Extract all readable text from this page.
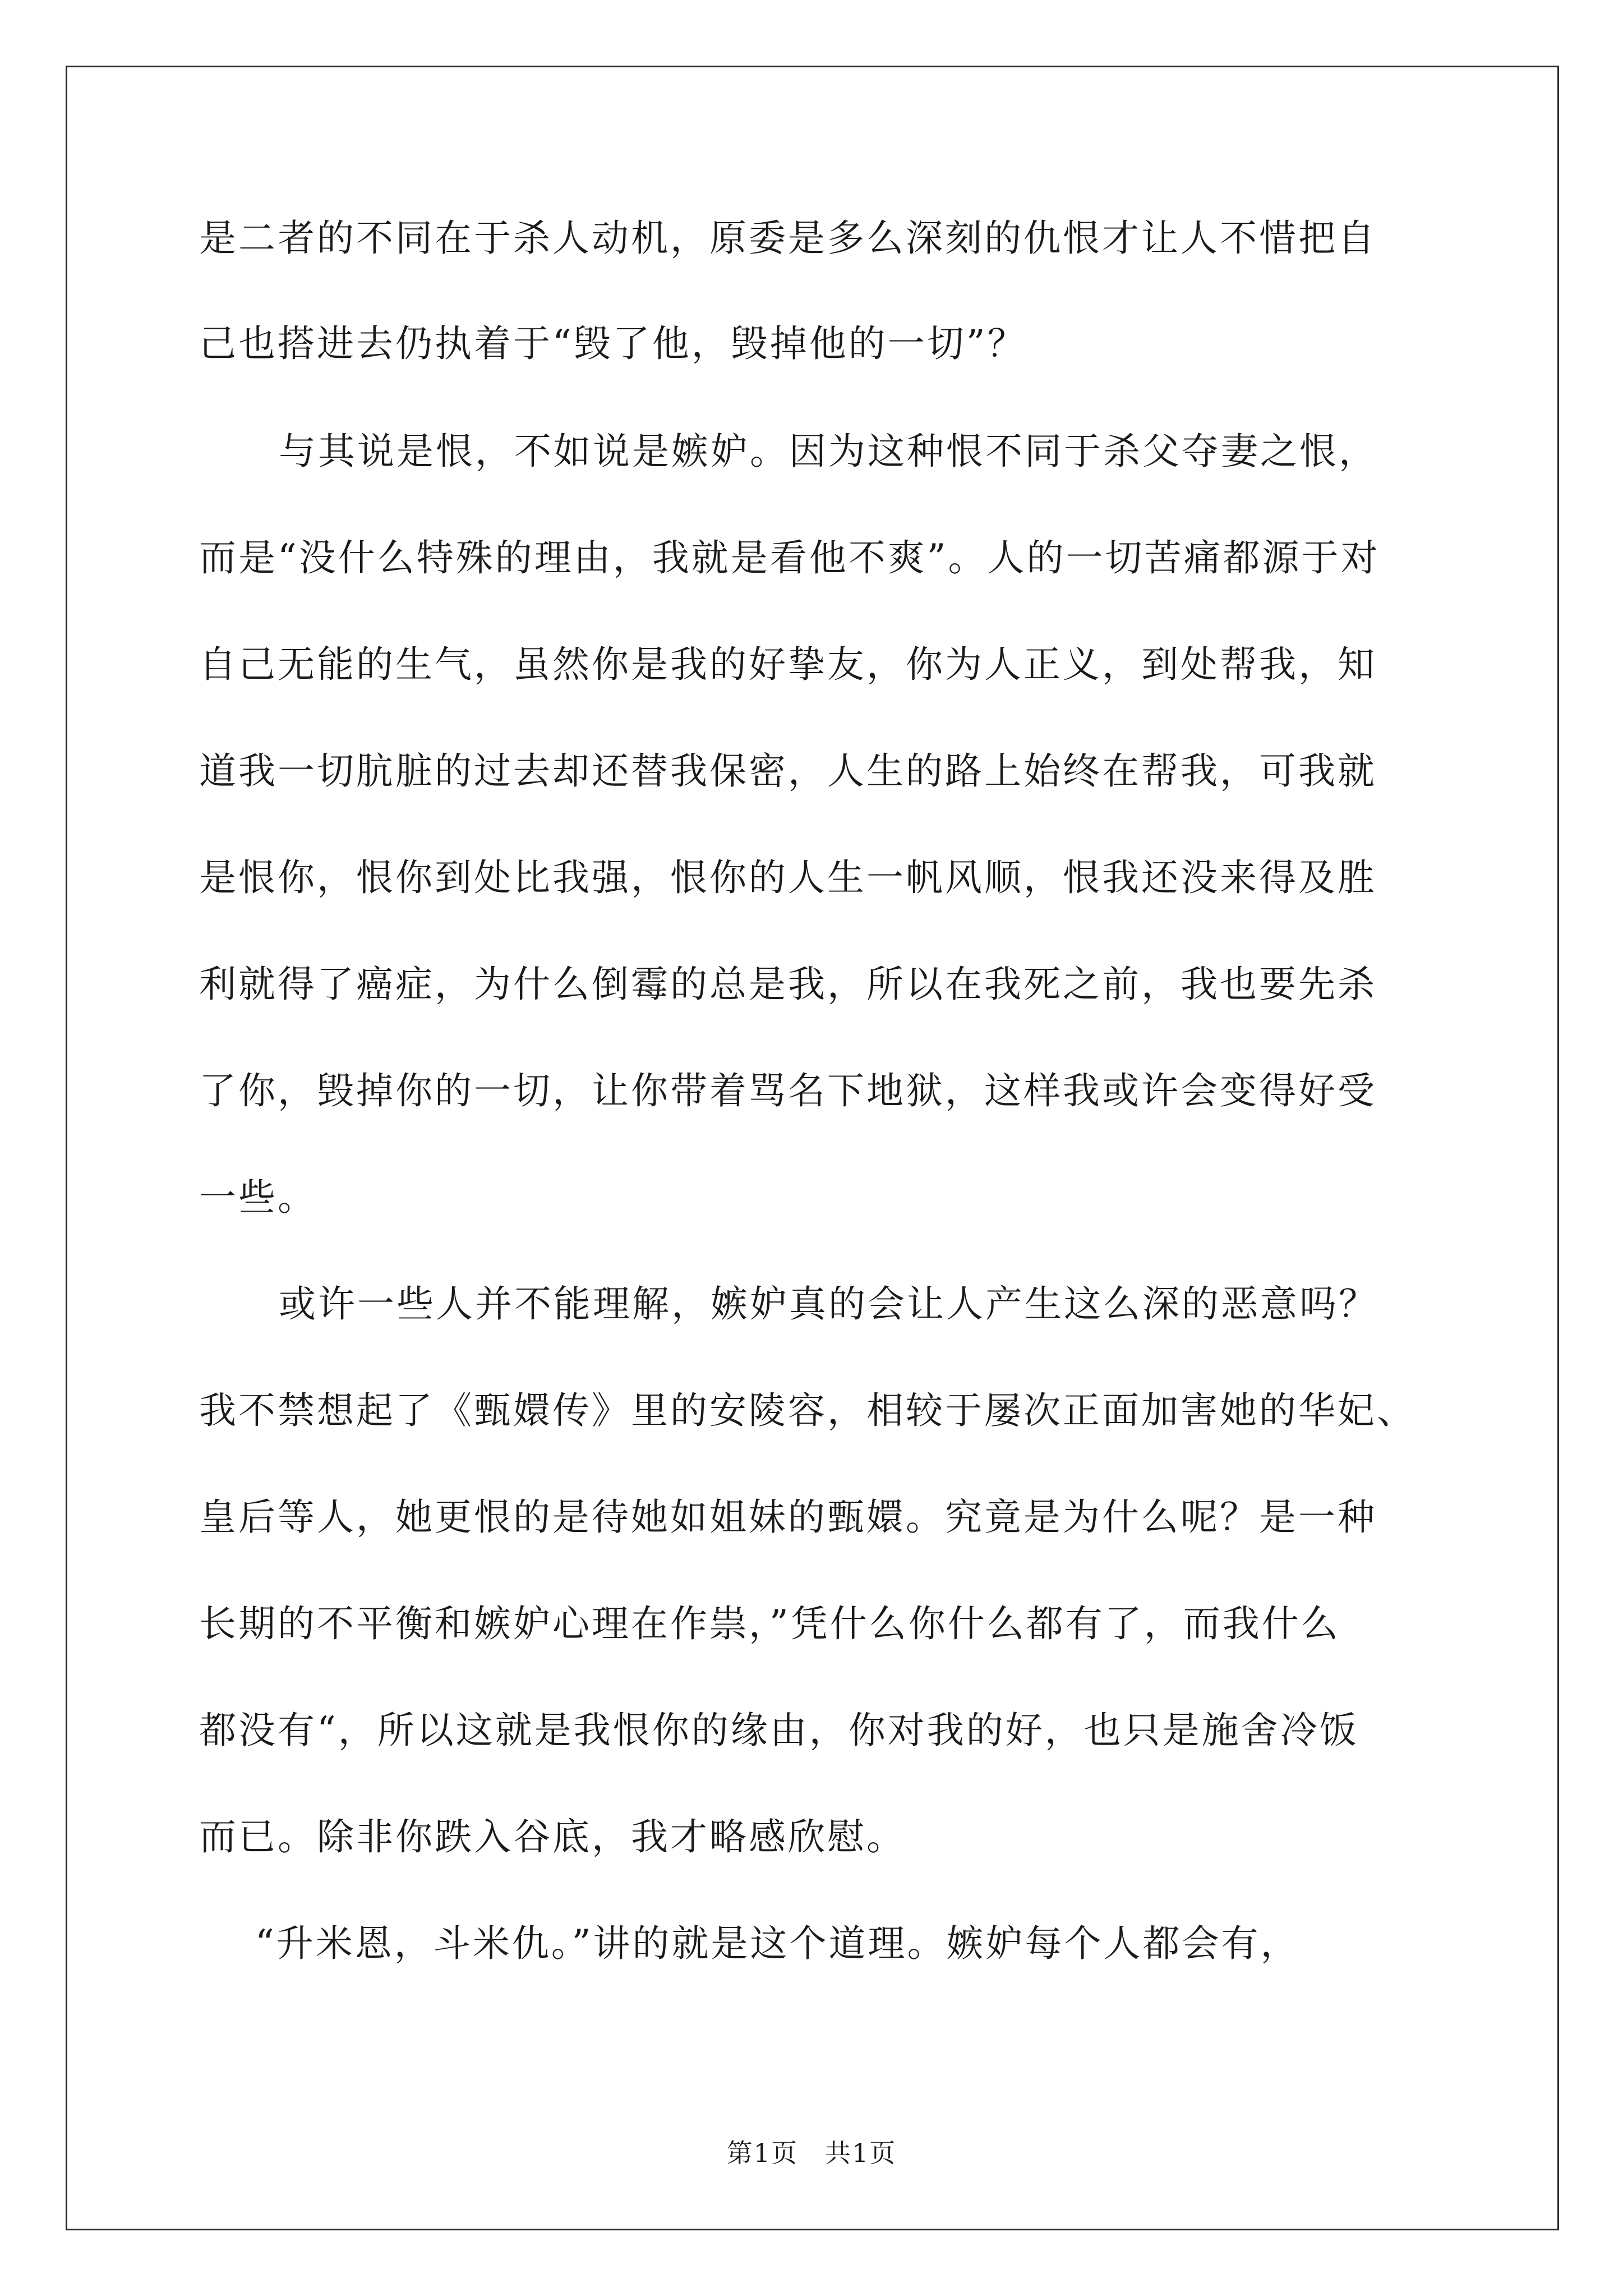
是二者的不同在于杀人动机，原委是多么深刻的仇恨才让人不惜把自
己也搭进去仍执着于“毁了他，毁掉他的一切”？
与其说是恨，不如说是嫉妒。因为这种恨不同于杀父夺妻之恨，
而是“没什么特殊的理由，我就是看他不爽”。人的一切苦痛都源于对
自己无能的生气，虽然你是我的好挚友，你为人正义，到处帮我，知
道我一切肮脏的过去却还替我保密，人生的路上始终在帮我，可我就
是恨你，恨你到处比我强，恨你的人生一帆风顺，恨我还没来得及胜
利就得了癌症，为什么倒霉的总是我，所以在我死之前，我也要先杀
了你，毁掉你的一切，让你带着骂名下地狱，这样我或许会变得好受
一些。
或许一些人并不能理解，嫉妒真的会让人产生这么深的恶意吗？
我不禁想起了《甄嬛传》里的安陵容，相较于屡次正面加害她的华妃、
皇后等人，她更恨的是待她如姐妹的甄嬛。究竟是为什么呢？是一种
长期的不平衡和嫉妒心理在作祟，”凭什么你什么都有了，而我什么
都没有“，所以这就是我恨你的缘由，你对我的好，也只是施舍冷饭
而已。除非你跌入谷底，我才略感欣慰。
“升米恩，斗米仇。”讲的就是这个道理。嫉妒每个人都会有，
第1页　共1页
